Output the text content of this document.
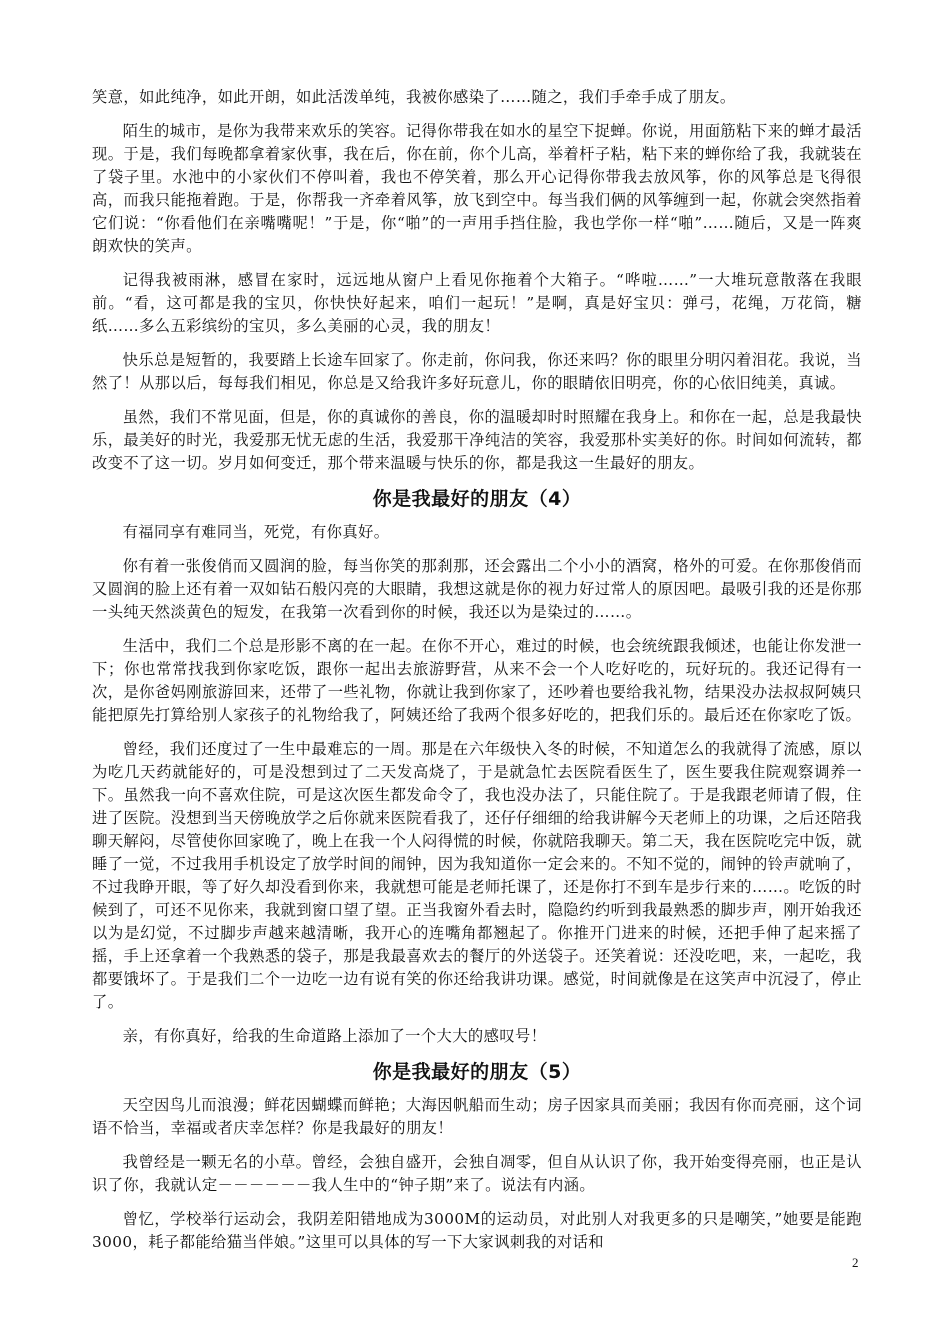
笑意，如此纯净，如此开朗，如此活泼单纯，我被你感染了……随之，我们手牵手成了朋友。

陌生的城市，是你为我带来欢乐的笑容。记得你带我在如水的星空下捉蝉。你说，用面筋粘下来的蝉才最活现。于是，我们每晚都拿着家伙事，我在后，你在前，你个儿高，举着杆子粘，粘下来的蝉你给了我，我就装在了袋子里。水池中的小家伙们不停叫着，我也不停笑着，那么开心记得你带我去放风筝，你的风筝总是飞得很高，而我只能拖着跑。于是，你帮我一齐牵着风筝，放飞到空中。每当我们俩的风筝缠到一起，你就会突然指着它们说：“你看他们在亲嘴嘴呢！”于是，你“啪”的一声用手挡住脸，我也学你一样“啪”……随后，又是一阵爽朗欢快的笑声。

记得我被雨淋，感冒在家时，远远地从窗户上看见你拖着个大箱子。“哗啦……”一大堆玩意散落在我眼前。“看，这可都是我的宝贝，你快快好起来，咱们一起玩！”是啊，真是好宝贝：弹弓，花绳，万花筒，糖纸……多么五彩缤纷的宝贝，多么美丽的心灵，我的朋友！

快乐总是短暂的，我要踏上长途车回家了。你走前，你问我，你还来吗？你的眼里分明闪着泪花。我说，当然了！从那以后，每每我们相见，你总是又给我许多好玩意儿，你的眼睛依旧明亮，你的心依旧纯美，真诚。

虽然，我们不常见面，但是，你的真诚你的善良，你的温暖却时时照耀在我身上。和你在一起，总是我最快乐，最美好的时光，我爱那无忧无虑的生活，我爱那干净纯洁的笑容，我爱那朴实美好的你。时间如何流转，都改变不了这一切。岁月如何变迁，那个带来温暖与快乐的你，都是我这一生最好的朋友。

你是我最好的朋友（4）

有福同享有难同当，死党，有你真好。

你有着一张俊俏而又圆润的脸，每当你笑的那刹那，还会露出二个小小的酒窝，格外的可爱。在你那俊俏而又圆润的脸上还有着一双如钻石般闪亮的大眼睛，我想这就是你的视力好过常人的原因吧。最吸引我的还是你那一头纯天然淡黄色的短发，在我第一次看到你的时候，我还以为是染过的……。

生活中，我们二个总是形影不离的在一起。在你不开心，难过的时候，也会统统跟我倾述，也能让你发泄一下；你也常常找我到你家吃饭，跟你一起出去旅游野营，从来不会一个人吃好吃的，玩好玩的。我还记得有一次，是你爸妈刚旅游回来，还带了一些礼物，你就让我到你家了，还吵着也要给我礼物，结果没办法叔叔阿姨只能把原先打算给别人家孩子的礼物给我了，阿姨还给了我两个很多好吃的，把我们乐的。最后还在你家吃了饭。

曾经，我们还度过了一生中最难忘的一周。那是在六年级快入冬的时候，不知道怎么的我就得了流感，原以为吃几天药就能好的，可是没想到过了二天发高烧了，于是就急忙去医院看医生了，医生要我住院观察调养一下。虽然我一向不喜欢住院，可是这次医生都发命令了，我也没办法了，只能住院了。于是我跟老师请了假，住进了医院。没想到当天傍晚放学之后你就来医院看我了，还仔仔细细的给我讲解今天老师上的功课，之后还陪我聊天解闷，尽管使你回家晚了，晚上在我一个人闷得慌的时候，你就陪我聊天。第二天，我在医院吃完中饭，就睡了一觉，不过我用手机设定了放学时间的闹钟，因为我知道你一定会来的。不知不觉的，闹钟的铃声就响了，不过我睁开眼，等了好久却没看到你来，我就想可能是老师托课了，还是你打不到车是步行来的……。吃饭的时候到了，可还不见你来，我就到窗口望了望。正当我窗外看去时，隐隐约约听到我最熟悉的脚步声，刚开始我还以为是幻觉，不过脚步声越来越清晰，我开心的连嘴角都翘起了。你推开门进来的时候，还把手伸了起来摇了摇，手上还拿着一个我熟悉的袋子，那是我最喜欢去的餐厅的外送袋子。还笑着说：还没吃吧，来，一起吃，我都要饿坏了。于是我们二个一边吃一边有说有笑的你还给我讲功课。感觉，时间就像是在这笑声中沉浸了，停止了。

亲，有你真好，给我的生命道路上添加了一个大大的感叹号！

你是我最好的朋友（5）

天空因鸟儿而浪漫；鲜花因蝴蝶而鲜艳；大海因帆船而生动；房子因家具而美丽；我因有你而亮丽，这个词语不恰当，幸福或者庆幸怎样？你是我最好的朋友！

我曾经是一颗无名的小草。曾经，会独自盛开，会独自凋零，但自从认识了你，我开始变得亮丽，也正是认识了你，我就认定－－－－－－我人生中的“钟子期”来了。说法有内涵。

曾忆，学校举行运动会，我阴差阳错地成为3000M的运动员，对此别人对我更多的只是嘲笑，”她要是能跑3000，耗子都能给猫当伴娘。”这里可以具体的写一下大家讽刺我的对话和

2
